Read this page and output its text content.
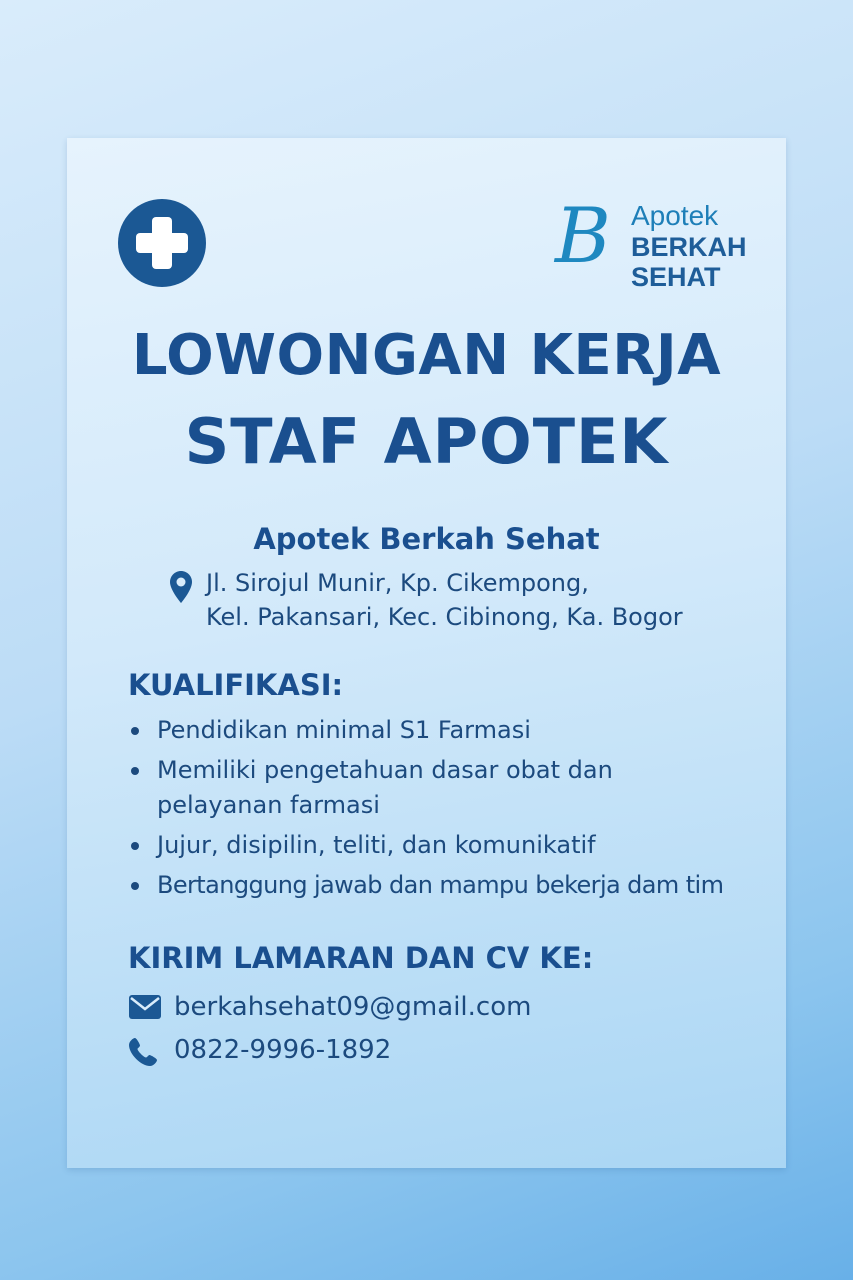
B Apotek
BERKAH
SEHAT
LOWONGAN KERJA
STAF APOTEK
Apotek Berkah Sehat
Jl. Sirojul Munir, Kp. Cikempong,
Kel. Pakansari, Kec. Cibinong, Ka. Bogor
KUALIFIKASI:
Pendidikan minimal S1 Farmasi
Memiliki pengetahuan dasar obat dan pelayanan farmasi
Jujur, disipilin, teliti, dan komunikatif
Bertanggung jawab dan mampu bekerja dam tim
KIRIM LAMARAN DAN CV KE:
berkahsehat09@gmail.com
0822-9996-1892
